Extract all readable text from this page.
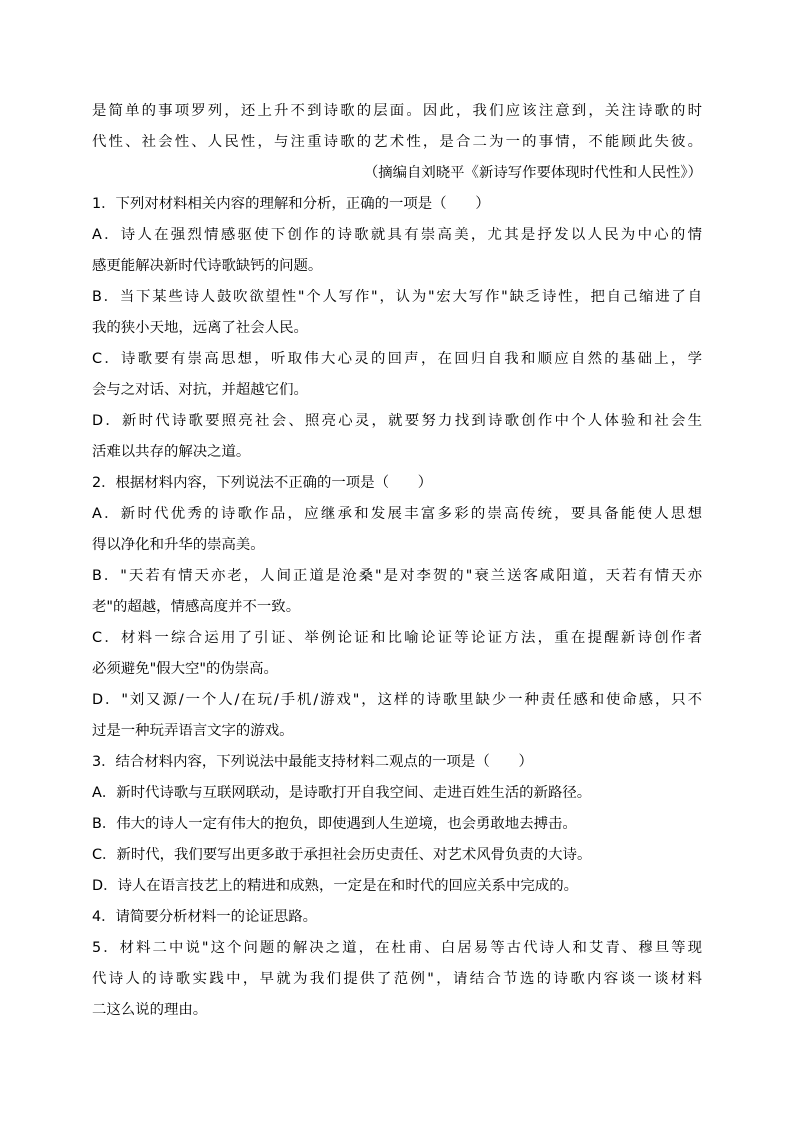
是简单的事项罗列，还上升不到诗歌的层面。因此，我们应该注意到，关注诗歌的时
代性、社会性、人民性，与注重诗歌的艺术性，是合二为一的事情，不能顾此失彼。
（摘编自刘晓平《新诗写作要体现时代性和人民性》）
1．下列对材料相关内容的理解和分析，正确的一项是（　　）
A．诗人在强烈情感驱使下创作的诗歌就具有崇高美，尤其是抒发以人民为中心的情
感更能解决新时代诗歌缺钙的问题。
B．当下某些诗人鼓吹欲望性"个人写作"，认为"宏大写作"缺乏诗性，把自己缩进了自
我的狭小天地，远离了社会人民。
C．诗歌要有崇高思想，听取伟大心灵的回声，在回归自我和顺应自然的基础上，学
会与之对话、对抗，并超越它们。
D．新时代诗歌要照亮社会、照亮心灵，就要努力找到诗歌创作中个人体验和社会生
活难以共存的解决之道。
2．根据材料内容，下列说法不正确的一项是（　　）
A．新时代优秀的诗歌作品，应继承和发展丰富多彩的崇高传统，要具备能使人思想
得以净化和升华的崇高美。
B．"天若有情天亦老，人间正道是沧桑"是对李贺的"衰兰送客咸阳道，天若有情天亦
老"的超越，情感高度并不一致。
C．材料一综合运用了引证、举例论证和比喻论证等论证方法，重在提醒新诗创作者
必须避免"假大空"的伪崇高。
D．"刘又源/一个人/在玩/手机/游戏"，这样的诗歌里缺少一种责任感和使命感，只不
过是一种玩弄语言文字的游戏。
3．结合材料内容，下列说法中最能支持材料二观点的一项是（　　）
A．新时代诗歌与互联网联动，是诗歌打开自我空间、走进百姓生活的新路径。
B．伟大的诗人一定有伟大的抱负，即使遇到人生逆境，也会勇敢地去搏击。
C．新时代，我们要写出更多敢于承担社会历史责任、对艺术风骨负责的大诗。
D．诗人在语言技艺上的精进和成熟，一定是在和时代的回应关系中完成的。
4．请简要分析材料一的论证思路。
5．材料二中说"这个问题的解决之道，在杜甫、白居易等古代诗人和艾青、穆旦等现
代诗人的诗歌实践中，早就为我们提供了范例"，请结合节选的诗歌内容谈一谈材料
二这么说的理由。
